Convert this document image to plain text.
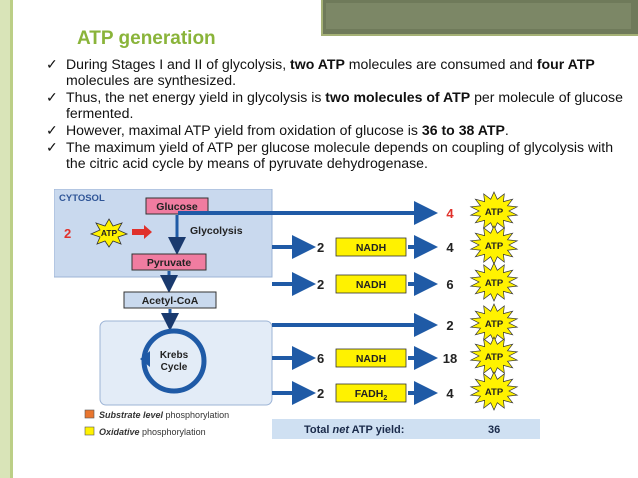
ATP generation
✓ During Stages I and II of glycolysis, two ATP molecules are consumed and four ATP molecules are synthesized.
✓ Thus, the net energy yield in glycolysis is two molecules of ATP per molecule of glucose fermented.
✓ However, maximal ATP yield from oxidation of glucose is 36 to 38 ATP.
✓ The maximum yield of ATP per glucose molecule depends on coupling of glycolysis with the citric acid cycle by means of pyruvate dehydrogenase.
CYTOSOL
Glucose
Glycolysis
2	ATP
Pyruvate
Acetyl-CoA
Krebs
Cycle
4	ATP
2	NADH	4	ATP
2	NADH	6	ATP
2	ATP
6	NADH	18	ATP
2	$FADH_2$	4	ATP
Substrate level phosphorylation
Oxidative phosphorylation	Total net ATP yield:	36
